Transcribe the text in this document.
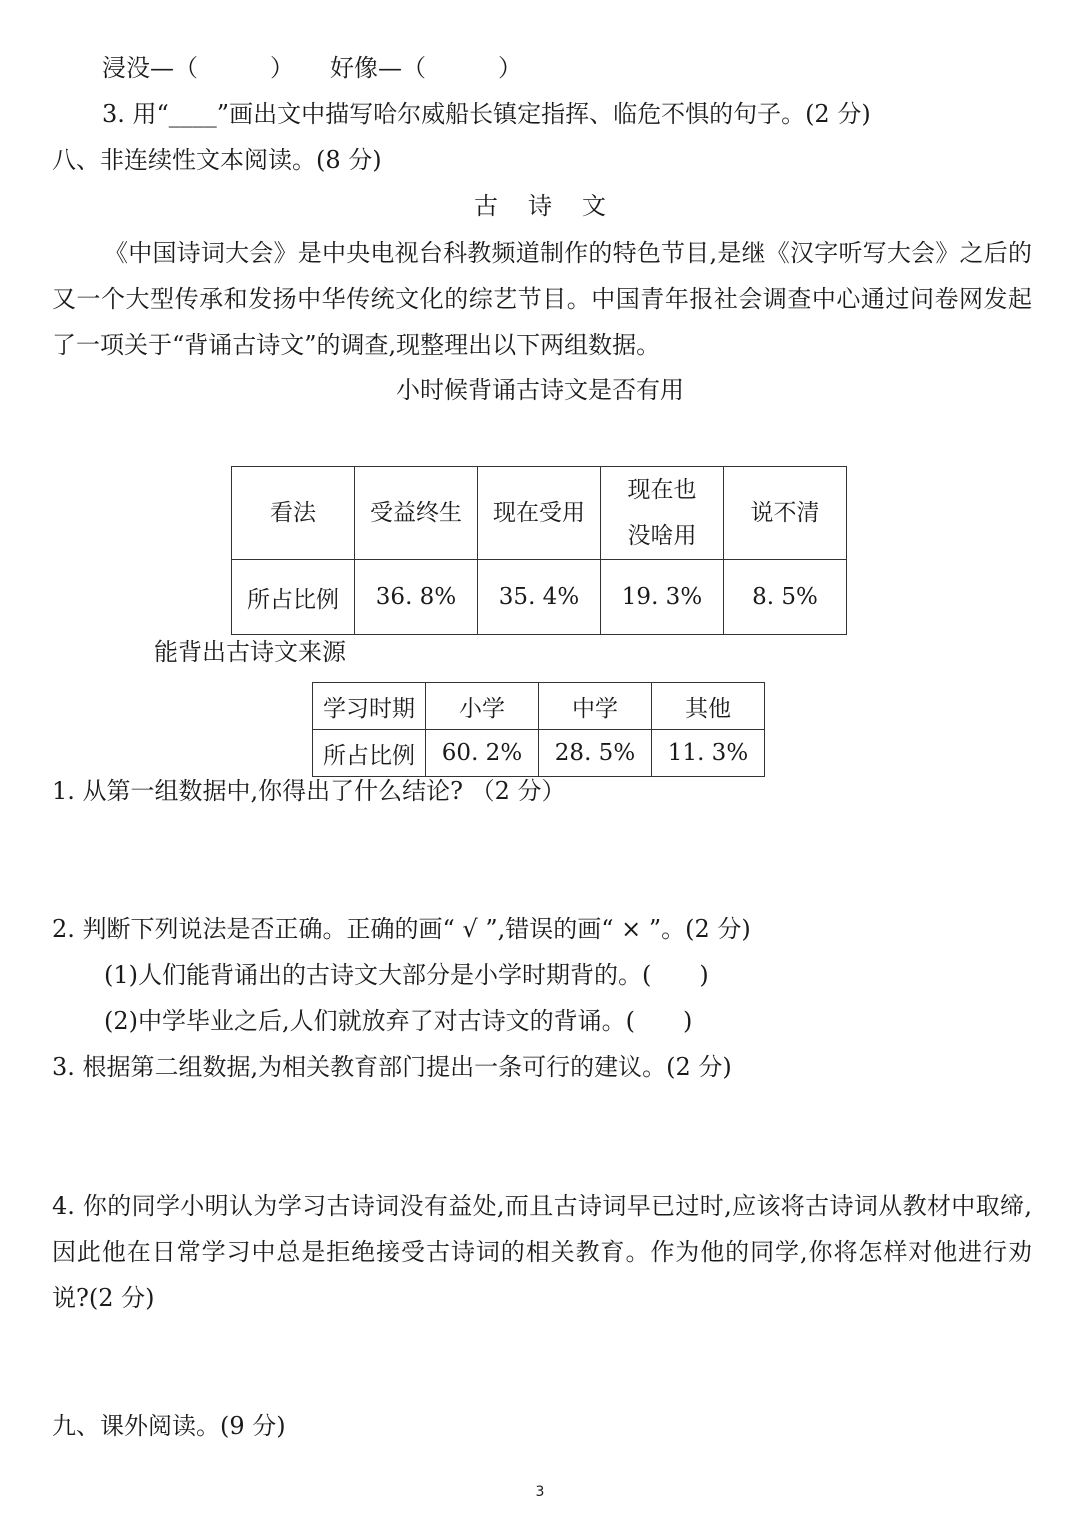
浸没—（　　　）　　好像—（　　　）
3. 用“____”画出文中描写哈尔威船长镇定指挥、临危不惧的句子。(2 分)
八、非连续性文本阅读。(8 分)
古诗文
《中国诗词大会》是中央电视台科教频道制作的特色节目,是继《汉字听写大会》之后的又一个大型传承和发扬中华传统文化的综艺节目。中国青年报社会调查中心通过问卷网发起了一项关于“背诵古诗文”的调查,现整理出以下两组数据。
小时候背诵古诗文是否有用
看法	受益终生	现在受用	现在也没啥用	说不清
所占比例	36. 8%	35. 4%	19. 3%	8. 5%
能背出古诗文来源
学习时期	小学	中学	其他
所占比例	60. 2%	28. 5%	11. 3%
1. 从第一组数据中,你得出了什么结论? （2 分）
2. 判断下列说法是否正确。正确的画“ √ ”,错误的画“ × ”。(2 分)
(1)人们能背诵出的古诗文大部分是小学时期背的。(　　)
(2)中学毕业之后,人们就放弃了对古诗文的背诵。(　　)
3. 根据第二组数据,为相关教育部门提出一条可行的建议。(2 分)
4. 你的同学小明认为学习古诗词没有益处,而且古诗词早已过时,应该将古诗词从教材中取缔,因此他在日常学习中总是拒绝接受古诗词的相关教育。作为他的同学,你将怎样对他进行劝说?(2 分)
九、课外阅读。(9 分)
3
